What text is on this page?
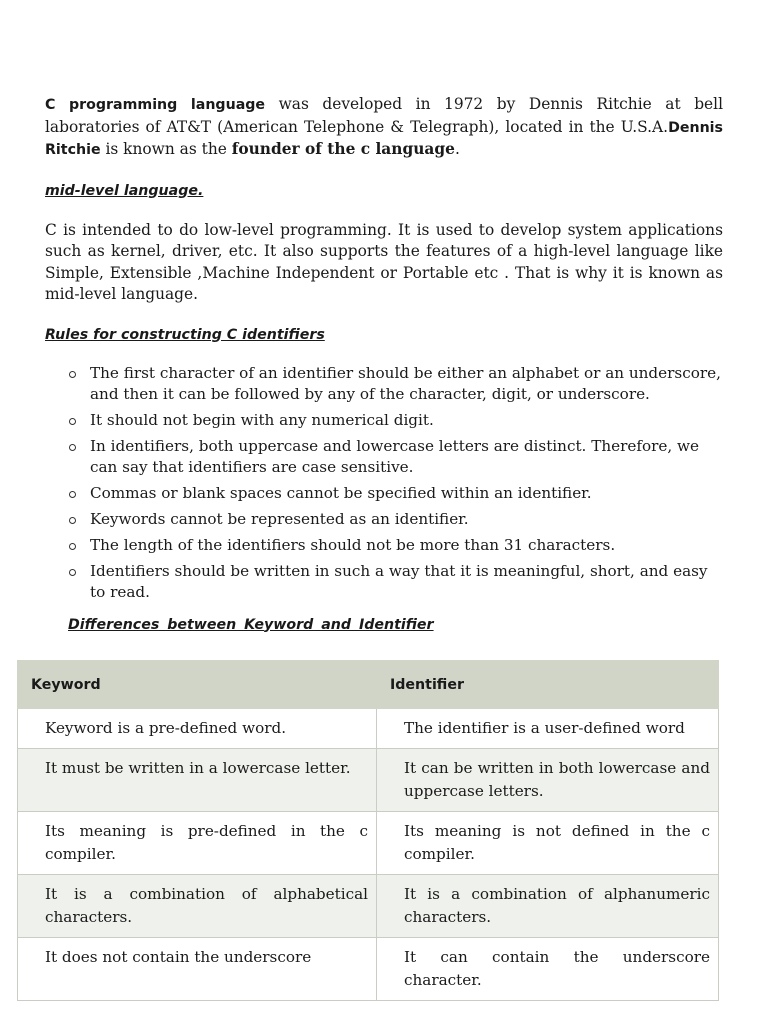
C programming language was developed in 1972 by Dennis Ritchie at bell laboratories of AT&T (American Telephone & Telegraph), located in the U.S.A.Dennis Ritchie is known as the founder of the c language.

mid-level language.

C is intended to do low-level programming. It is used to develop system applications such as kernel, driver, etc. It also supports the features of a high-level language like Simple, Extensible ,Machine Independent or Portable etc . That is why it is known as mid-level language.

Rules for constructing C identifiers

The first character of an identifier should be either an alphabet or an underscore, and then it can be followed by any of the character, digit, or underscore.
It should not begin with any numerical digit.
In identifiers, both uppercase and lowercase letters are distinct. Therefore, we can say that identifiers are case sensitive.
Commas or blank spaces cannot be specified within an identifier.
Keywords cannot be represented as an identifier.
The length of the identifiers should not be more than 31 characters.
Identifiers should be written in such a way that it is meaningful, short, and easy to read.

Differences between Keyword and Identifier

Keyword	Identifier
Keyword is a pre-defined word.	The identifier is a user-defined word
It must be written in a lowercase letter.	It can be written in both lowercase and uppercase letters.
Its meaning is pre-defined in the c compiler.	Its meaning is not defined in the c compiler.
It is a combination of alphabetical characters.	It is a combination of alphanumeric characters.
It does not contain the underscore	It can contain the underscore character.
